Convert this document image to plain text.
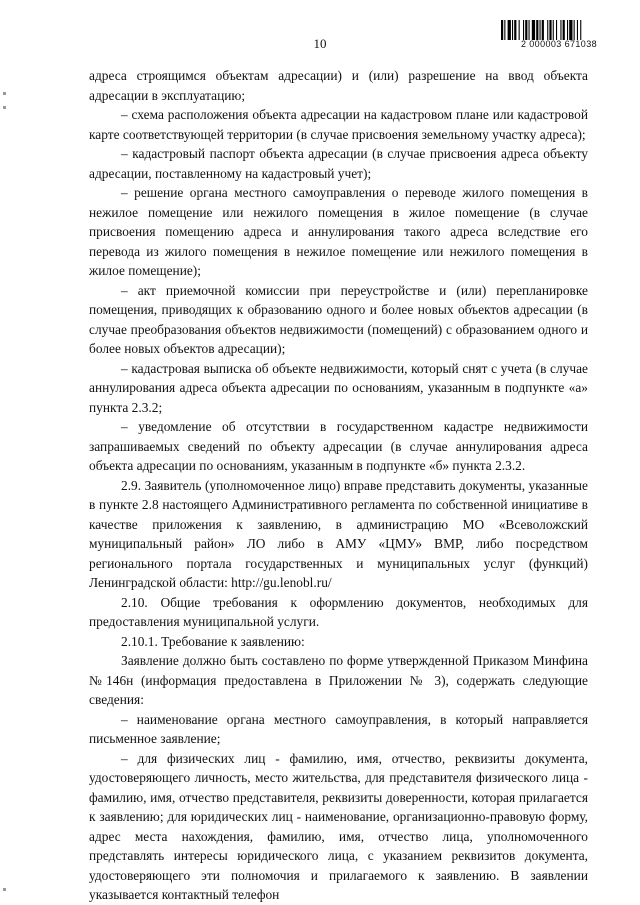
10	2 000003 671038

адреса строящимся объектам адресации) и (или) разрешение на ввод объекта адресации в эксплуатацию;

– схема расположения объекта адресации на кадастровом плане или кадастровой карте соответствующей территории (в случае присвоения земельному участку адреса);

– кадастровый паспорт объекта адресации (в случае присвоения адреса объекту адресации, поставленному на кадастровый учет);

– решение органа местного самоуправления о переводе жилого помещения в нежилое помещение или нежилого помещения в жилое помещение (в случае присвоения помещению адреса и аннулирования такого адреса вследствие его перевода из жилого помещения в нежилое помещение или нежилого помещения в жилое помещение);

– акт приемочной комиссии при переустройстве и (или) перепланировке помещения, приводящих к образованию одного и более новых объектов адресации (в случае преобразования объектов недвижимости (помещений) с образованием одного и более новых объектов адресации);

– кадастровая выписка об объекте недвижимости, который снят с учета (в случае аннулирования адреса объекта адресации по основаниям, указанным в подпункте «а» пункта 2.3.2;

– уведомление об отсутствии в государственном кадастре недвижимости запрашиваемых сведений по объекту адресации (в случае аннулирования адреса объекта адресации по основаниям, указанным в подпункте «б» пункта 2.3.2.

2.9. Заявитель (уполномоченное лицо) вправе представить документы, указанные в пункте 2.8 настоящего Административного регламента по собственной инициативе в качестве приложения к заявлению, в администрацию МО «Всеволожский муниципальный район» ЛО либо в АМУ «ЦМУ» ВМР, либо посредством регионального портала государственных и муниципальных услуг (функций) Ленинградской области: http://gu.lenobl.ru/

2.10. Общие требования к оформлению документов, необходимых для предоставления муниципальной услуги.

2.10.1. Требование к заявлению:

Заявление должно быть составлено по форме утвержденной Приказом Минфина №146н (информация предоставлена в Приложении № 3), содержать следующие сведения:

– наименование органа местного самоуправления, в который направляется письменное заявление;

– для физических лиц - фамилию, имя, отчество, реквизиты документа, удостоверяющего личность, место жительства, для представителя физического лица - фамилию, имя, отчество представителя, реквизиты доверенности, которая прилагается к заявлению; для юридических лиц - наименование, организационно-правовую форму, адрес места нахождения, фамилию, имя, отчество лица, уполномоченного представлять интересы юридического лица, с указанием реквизитов документа, удостоверяющего эти полномочия и прилагаемого к заявлению. В заявлении указывается контактный телефон
